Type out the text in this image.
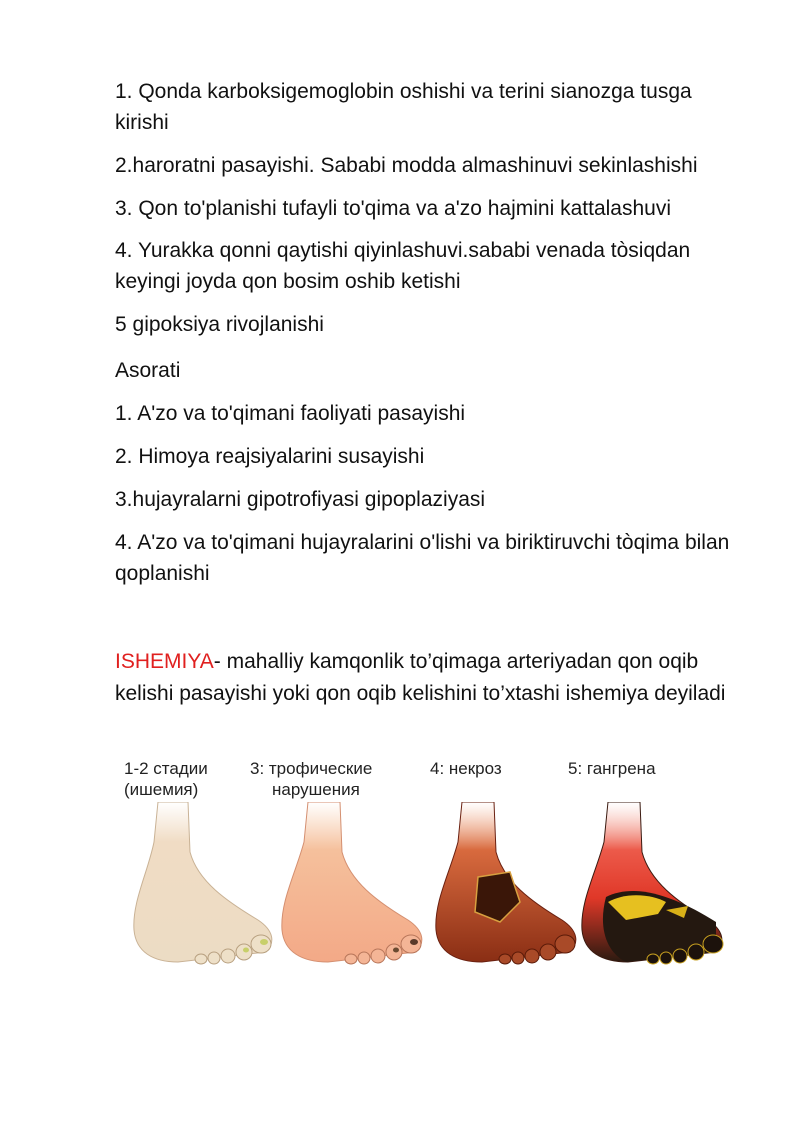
1. Qonda karboksigemoglobin oshishi va terini sianozga tusga kirishi

2.haroratni pasayishi. Sababi modda almashinuvi sekinlashishi

3. Qon to'planishi tufayli to'qima va a'zo hajmini kattalashuvi

4. Yurakka qonni qaytishi qiyinlashuvi.sababi venada tòsiqdan keyingi joyda qon bosim oshib ketishi

5 gipoksiya rivojlanishi

Asorati

1. A'zo va to'qimani faoliyati pasayishi

2. Himoya reajsiyalarini susayishi

3.hujayralarni gipotrofiyasi gipoplaziyasi

4. A'zo va to'qimani hujayralarini o'lishi va biriktiruvchi tòqima bilan qoplanishi

ISHEMIYA- mahalliy kamqonlik to’qimaga arteriyadan qon oqib kelishi pasayishi yoki qon oqib kelishini to’xtashi ishemiya deyiladi

1-2 стадии
(ишемия)
3: трофические
нарушения
4: некроз	5: гангрена
